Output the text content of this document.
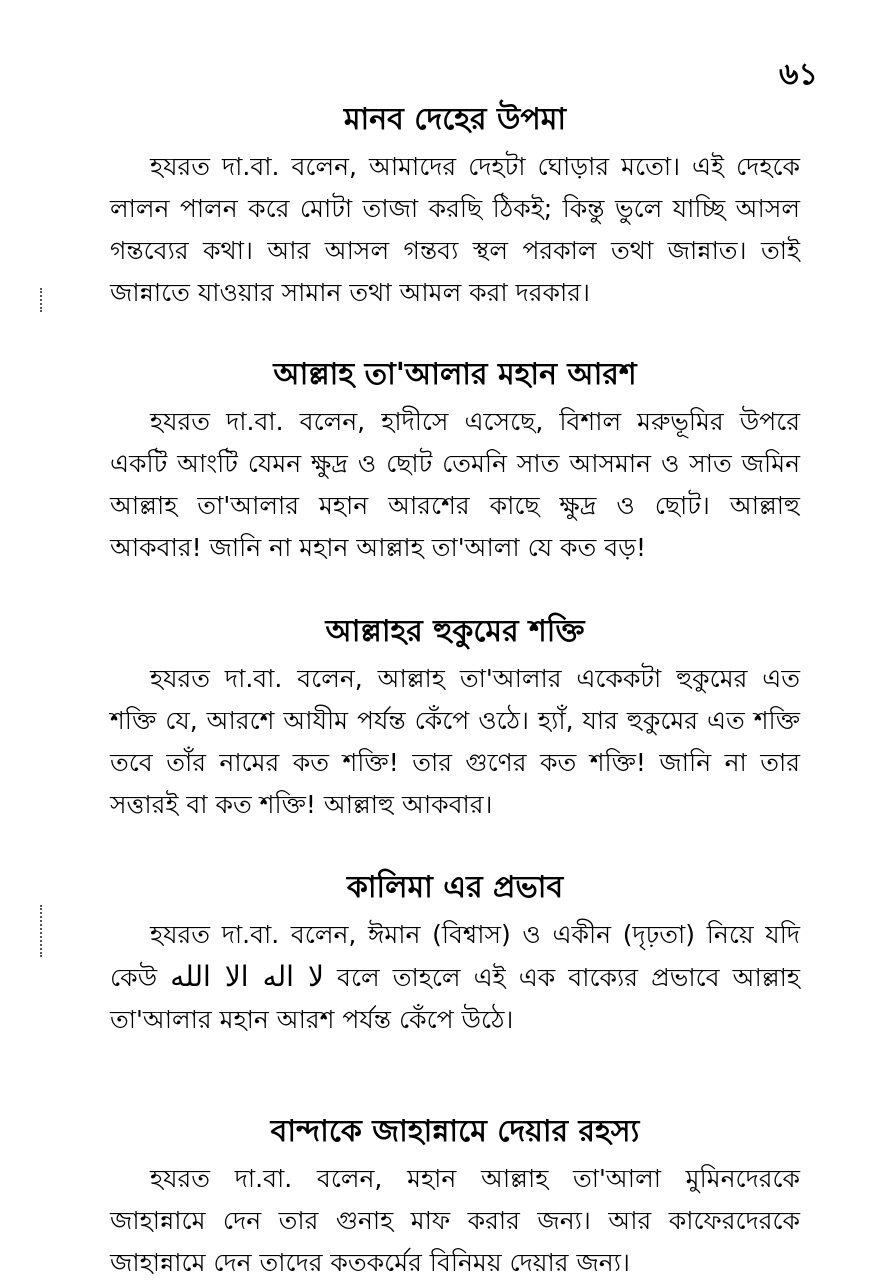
৬১
মানব দেহের উপমা

হযরত দা.বা. বলেন, আমাদের দেহটা ঘোড়ার মতো। এই দেহকে লালন পালন করে মোটা তাজা করছি ঠিকই; কিন্তু ভুলে যাচ্ছি আসল গন্তব্যের কথা। আর আসল গন্তব্য স্থল পরকাল তথা জান্নাত। তাই জান্নাতে যাওয়ার সামান তথা আমল করা দরকার।

আল্লাহ তা'আলার মহান আরশ

হযরত দা.বা. বলেন, হাদীসে এসেছে, বিশাল মরুভূমির উপরে একটি আংটি যেমন ক্ষুদ্র ও ছোট তেমনি সাত আসমান ও সাত জমিন আল্লাহ তা'আলার মহান আরশের কাছে ক্ষুদ্র ও ছোট। আল্লাহু আকবার! জানি না মহান আল্লাহ তা'আলা যে কত বড়!

আল্লাহর হুকুমের শক্তি

হযরত দা.বা. বলেন, আল্লাহ তা'আলার একেকটা হুকুমের এত শক্তি যে, আরশে আযীম পর্যন্ত কেঁপে ওঠে। হ্যাঁ, যার হুকুমের এত শক্তি তবে তাঁর নামের কত শক্তি! তার গুণের কত শক্তি! জানি না তার সত্তারই বা কত শক্তি! আল্লাহু আকবার।

কালিমা এর প্রভাব

হযরত দা.বা. বলেন, ঈমান (বিশ্বাস) ও একীন (দৃঢ়তা) নিয়ে যদি কেউ لا اله الا الله বলে তাহলে এই এক বাক্যের প্রভাবে আল্লাহ তা'আলার মহান আরশ পর্যন্ত কেঁপে উঠে।

বান্দাকে জাহান্নামে দেয়ার রহস্য

হযরত দা.বা. বলেন, মহান আল্লাহ তা'আলা মুমিনদেরকে জাহান্নামে দেন তার গুনাহ মাফ করার জন্য। আর কাফেরদেরকে জাহান্নামে দেন তাদের কতকর্মের বিনিময় দেয়ার জন্য।
